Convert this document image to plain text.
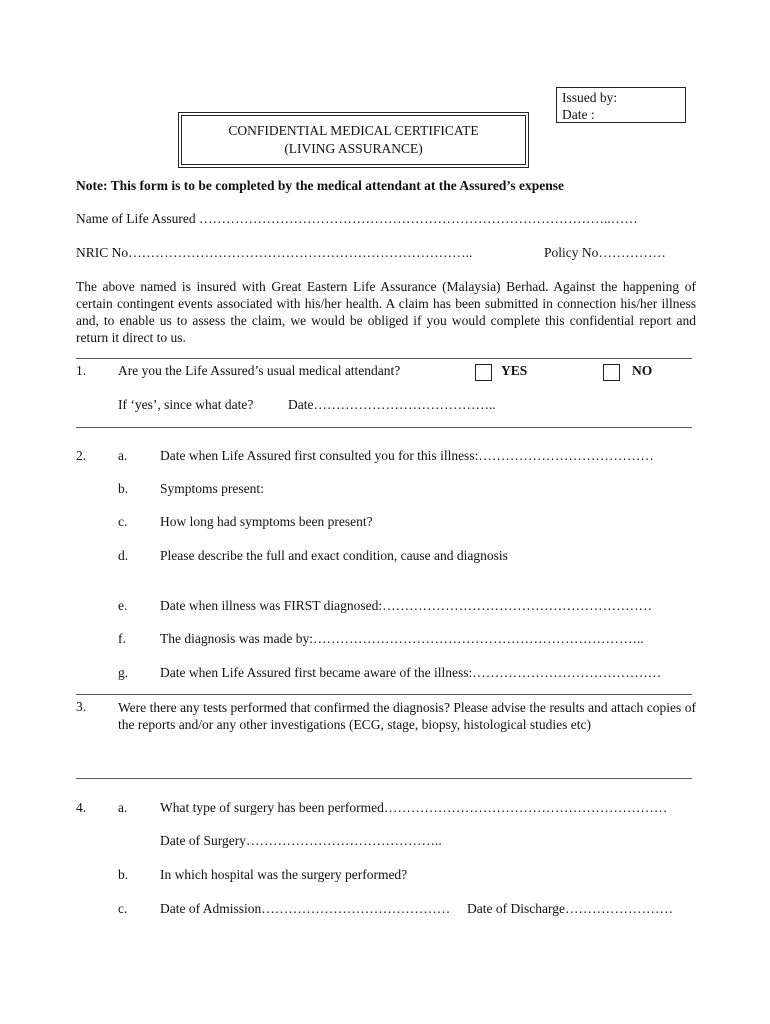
Issued by:
Date :
CONFIDENTIAL MEDICAL CERTIFICATE
(LIVING ASSURANCE)
Note: This form is to be completed by the medical attendant at the Assured’s expense
Name of Life Assured ………………………………………………………………………………..……
NRIC No…………………………………………………………………..	Policy No……………
The above named is insured with Great Eastern Life Assurance (Malaysia) Berhad. Against the happening of certain contingent events associated with his/her health. A claim has been submitted in connection his/her illness and, to enable us to assess the claim, we would be obliged if you would complete this confidential report and return it direct to us.
1. Are you the Life Assured’s usual medical attendant?	YES	NO
If ‘yes’, since what date?	Date…………………………………..
2. a. Date when Life Assured first consulted you for this illness:…………………………………
b. Symptoms present:
c. How long had symptoms been present?
d. Please describe the full and exact condition, cause and diagnosis
e. Date when illness was FIRST diagnosed:……………………………………………………
f.	The diagnosis was made by:………………………………………………………………..
g. Date when Life Assured first became aware of the illness:……………………………………
3. Were there any tests performed that confirmed the diagnosis? Please advise the results and attach copies of the reports and/or any other investigations (ECG, stage, biopsy, histological studies etc)
4. a. What type of surgery has been performed………………………………………………………
Date of Surgery……………………………………..
b. In which hospital was the surgery performed?
c. Date of Admission…………………………………… Date of Discharge……………………
